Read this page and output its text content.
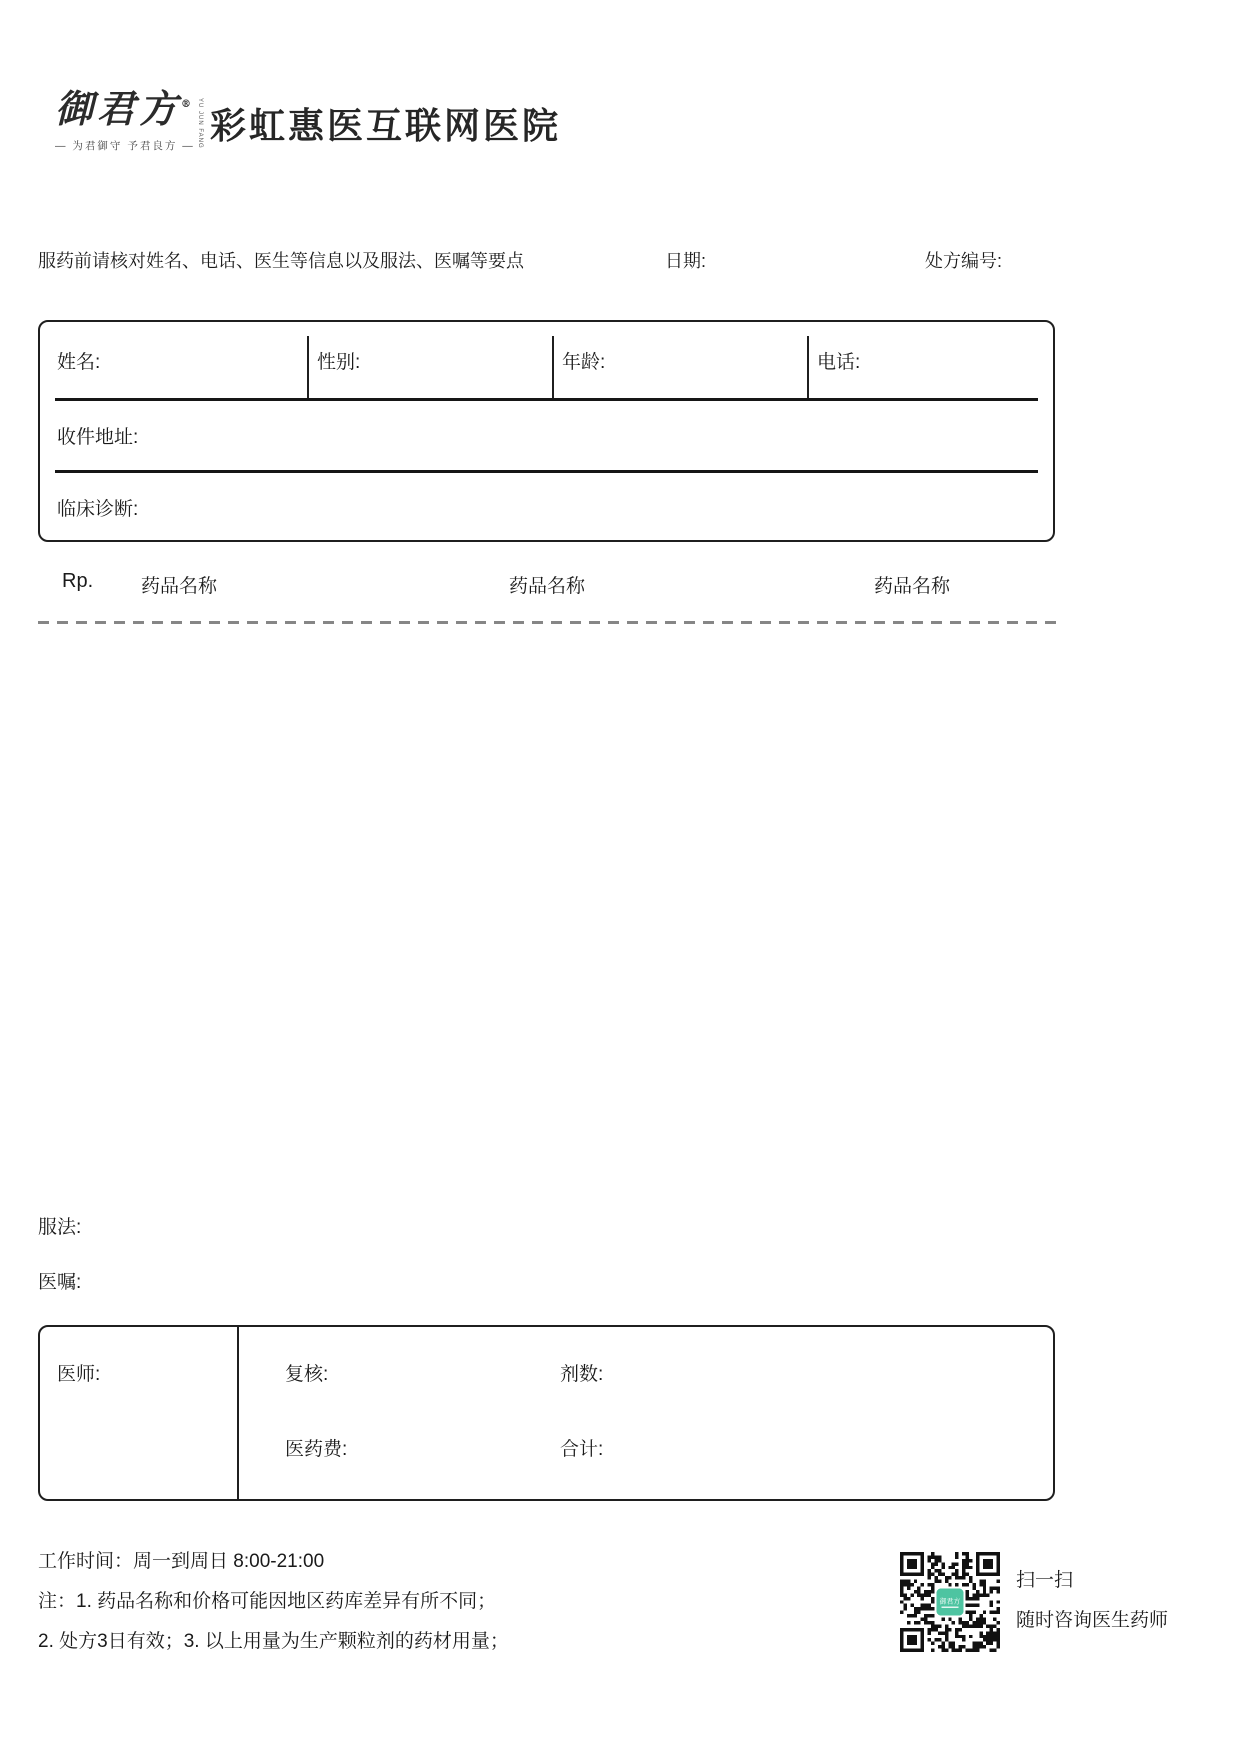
御君方® YU JUN FANG
— 为君御守 予君良方 — 彩虹惠医互联网医院
服药前请核对姓名、电话、医生等信息以及服法、医嘱等要点	日期:	处方编号:
姓名:	性别:	年龄:	电话:
收件地址:
临床诊断:
Rp.	药品名称	药品名称	药品名称
服法:
医嘱:
医师:	复核:	剂数:
医药费:	合计:
工作时间：周一到周日 8:00-21:00
注：1. 药品名称和价格可能因地区药库差异有所不同；
2. 处方3日有效；3. 以上用量为生产颗粒剂的药材用量；
御君方
扫一扫
随时咨询医生药师
